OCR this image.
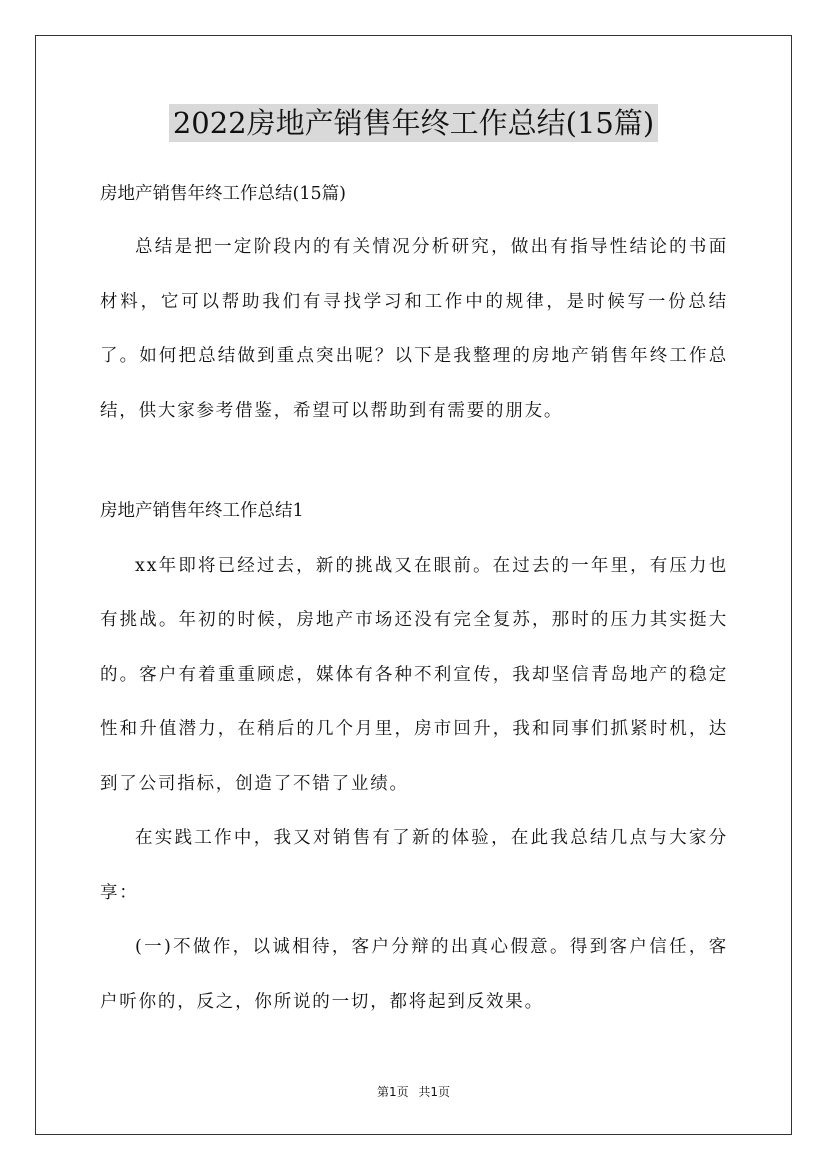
2022房地产销售年终工作总结(15篇)

房地产销售年终工作总结(15篇)

总结是把一定阶段内的有关情况分析研究，做出有指导性结论的书面材料，它可以帮助我们有寻找学习和工作中的规律，是时候写一份总结了。如何把总结做到重点突出呢？以下是我整理的房地产销售年终工作总结，供大家参考借鉴，希望可以帮助到有需要的朋友。

房地产销售年终工作总结1

xx年即将已经过去，新的挑战又在眼前。在过去的一年里，有压力也有挑战。年初的时候，房地产市场还没有完全复苏，那时的压力其实挺大的。客户有着重重顾虑，媒体有各种不利宣传，我却坚信青岛地产的稳定性和升值潜力，在稍后的几个月里，房市回升，我和同事们抓紧时机，达到了公司指标，创造了不错了业绩。

在实践工作中，我又对销售有了新的体验，在此我总结几点与大家分享：

(一)不做作，以诚相待，客户分辩的出真心假意。得到客户信任，客户听你的，反之，你所说的一切，都将起到反效果。

第1页 共1页
